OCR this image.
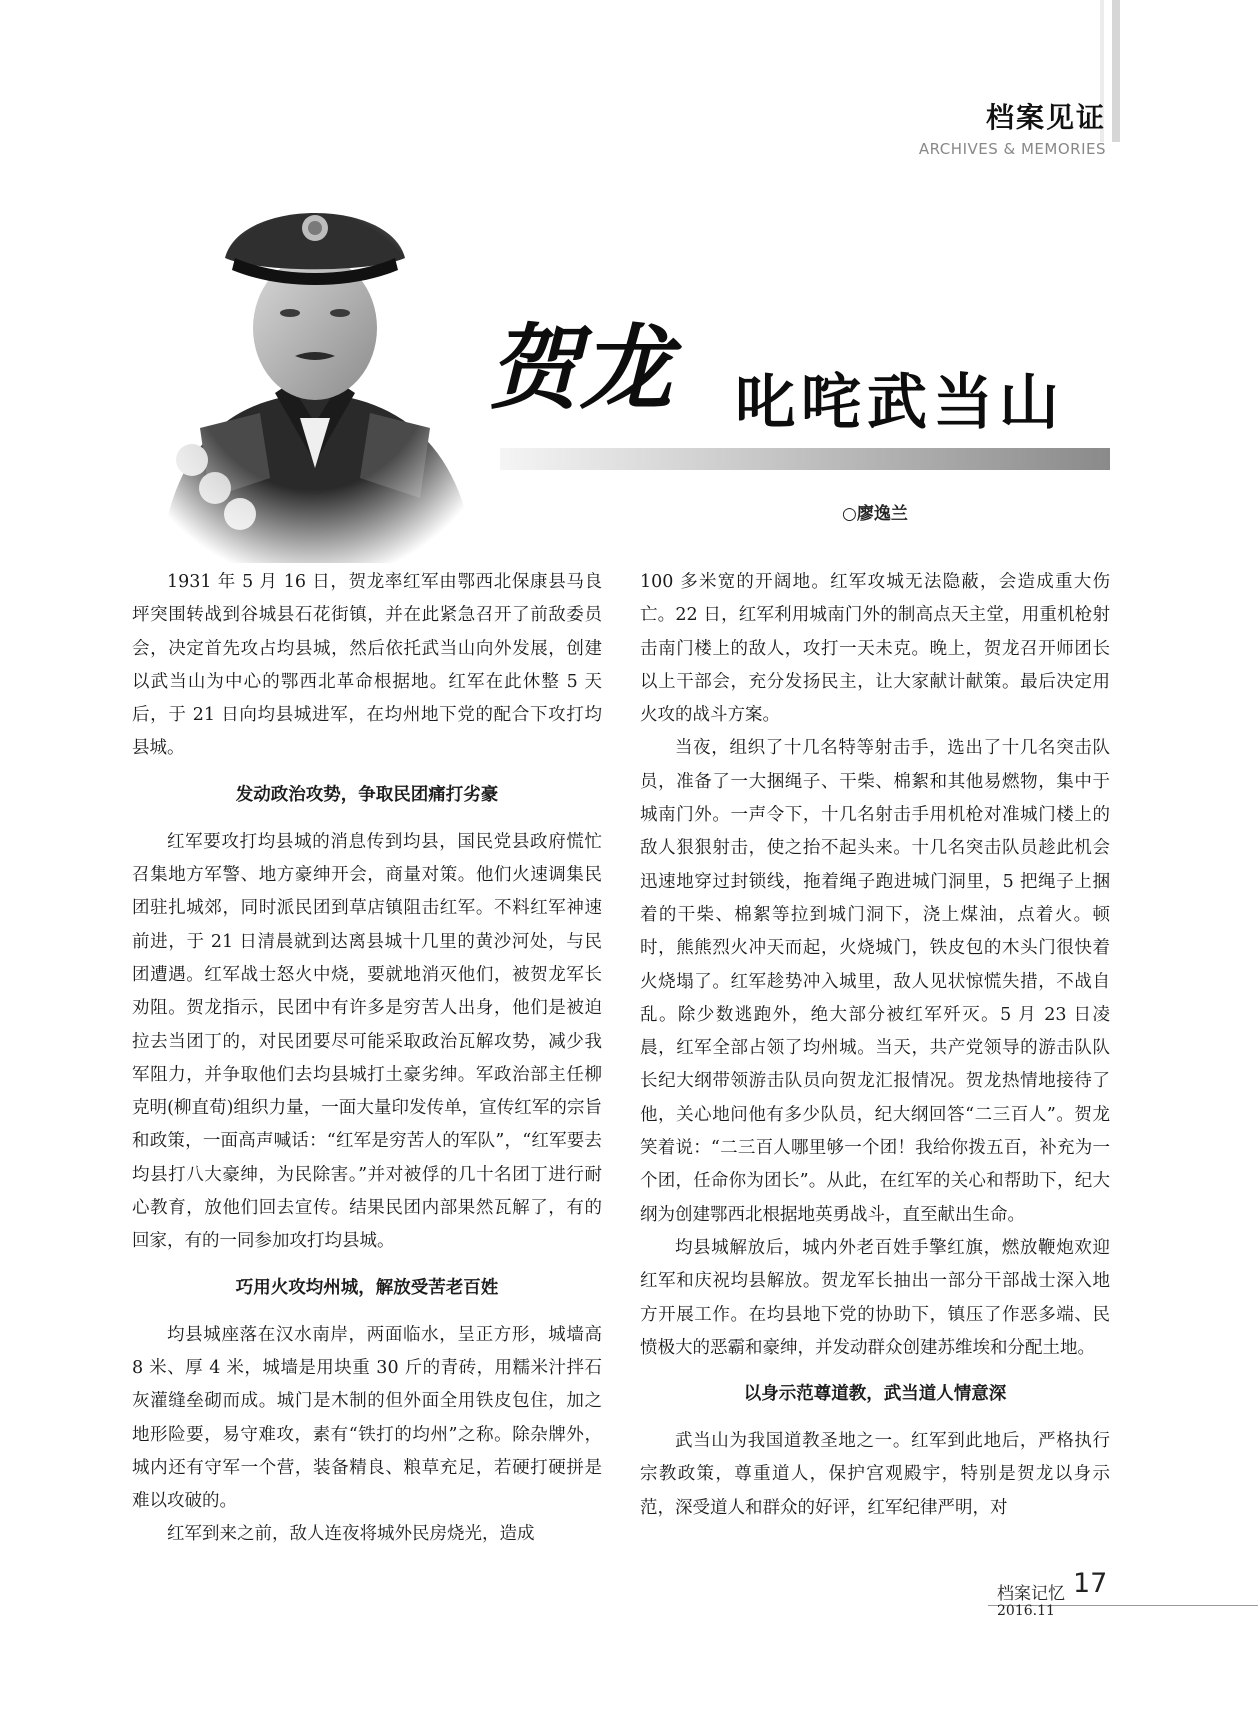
档案见证
ARCHIVES & MEMORIES
贺龙 叱咤武当山
○廖逸兰

1931 年 5 月 16 日，贺龙率红军由鄂西北保康县马良坪突围转战到谷城县石花街镇，并在此紧急召开了前敌委员会，决定首先攻占均县城，然后依托武当山向外发展，创建以武当山为中心的鄂西北革命根据地。红军在此休整 5 天后，于 21 日向均县城进军，在均州地下党的配合下攻打均县城。

发动政治攻势，争取民团痛打劣豪

红军要攻打均县城的消息传到均县，国民党县政府慌忙召集地方军警、地方豪绅开会，商量对策。他们火速调集民团驻扎城郊，同时派民团到草店镇阻击红军。不料红军神速前进，于 21 日清晨就到达离县城十几里的黄沙河处，与民团遭遇。红军战士怒火中烧，要就地消灭他们，被贺龙军长劝阻。贺龙指示，民团中有许多是穷苦人出身，他们是被迫拉去当团丁的，对民团要尽可能采取政治瓦解攻势，减少我军阻力，并争取他们去均县城打土豪劣绅。军政治部主任柳克明(柳直荀)组织力量，一面大量印发传单，宣传红军的宗旨和政策，一面高声喊话：“红军是穷苦人的军队”，“红军要去均县打八大豪绅，为民除害。”并对被俘的几十名团丁进行耐心教育，放他们回去宣传。结果民团内部果然瓦解了，有的回家，有的一同参加攻打均县城。

巧用火攻均州城，解放受苦老百姓

均县城座落在汉水南岸，两面临水，呈正方形，城墙高 8 米、厚 4 米，城墙是用块重 30 斤的青砖，用糯米汁拌石灰灌缝垒砌而成。城门是木制的但外面全用铁皮包住，加之地形险要，易守难攻，素有“铁打的均州”之称。除杂牌外，城内还有守军一个营，装备精良、粮草充足，若硬打硬拼是难以攻破的。

红军到来之前，敌人连夜将城外民房烧光，造成

100 多米宽的开阔地。红军攻城无法隐蔽，会造成重大伤亡。22 日，红军利用城南门外的制高点天主堂，用重机枪射击南门楼上的敌人，攻打一天未克。晚上，贺龙召开师团长以上干部会，充分发扬民主，让大家献计献策。最后决定用火攻的战斗方案。

当夜，组织了十几名特等射击手，选出了十几名突击队员，准备了一大捆绳子、干柴、棉絮和其他易燃物，集中于城南门外。一声令下，十几名射击手用机枪对准城门楼上的敌人狠狠射击，使之抬不起头来。十几名突击队员趁此机会迅速地穿过封锁线，拖着绳子跑进城门洞里，5 把绳子上捆着的干柴、棉絮等拉到城门洞下，浇上煤油，点着火。顿时，熊熊烈火冲天而起，火烧城门，铁皮包的木头门很快着火烧塌了。红军趁势冲入城里，敌人见状惊慌失措，不战自乱。除少数逃跑外，绝大部分被红军歼灭。5 月 23 日凌晨，红军全部占领了均州城。当天，共产党领导的游击队队长纪大纲带领游击队员向贺龙汇报情况。贺龙热情地接待了他，关心地问他有多少队员，纪大纲回答“二三百人”。贺龙笑着说：“二三百人哪里够一个团！我给你拨五百，补充为一个团，任命你为团长”。从此，在红军的关心和帮助下，纪大纲为创建鄂西北根据地英勇战斗，直至献出生命。

均县城解放后，城内外老百姓手擎红旗，燃放鞭炮欢迎红军和庆祝均县解放。贺龙军长抽出一部分干部战士深入地方开展工作。在均县地下党的协助下，镇压了作恶多端、民愤极大的恶霸和豪绅，并发动群众创建苏维埃和分配土地。

以身示范尊道教，武当道人情意深

武当山为我国道教圣地之一。红军到此地后，严格执行宗教政策，尊重道人，保护宫观殿宇，特别是贺龙以身示范，深受道人和群众的好评，红军纪律严明，对

档案记忆 17
2016.11
